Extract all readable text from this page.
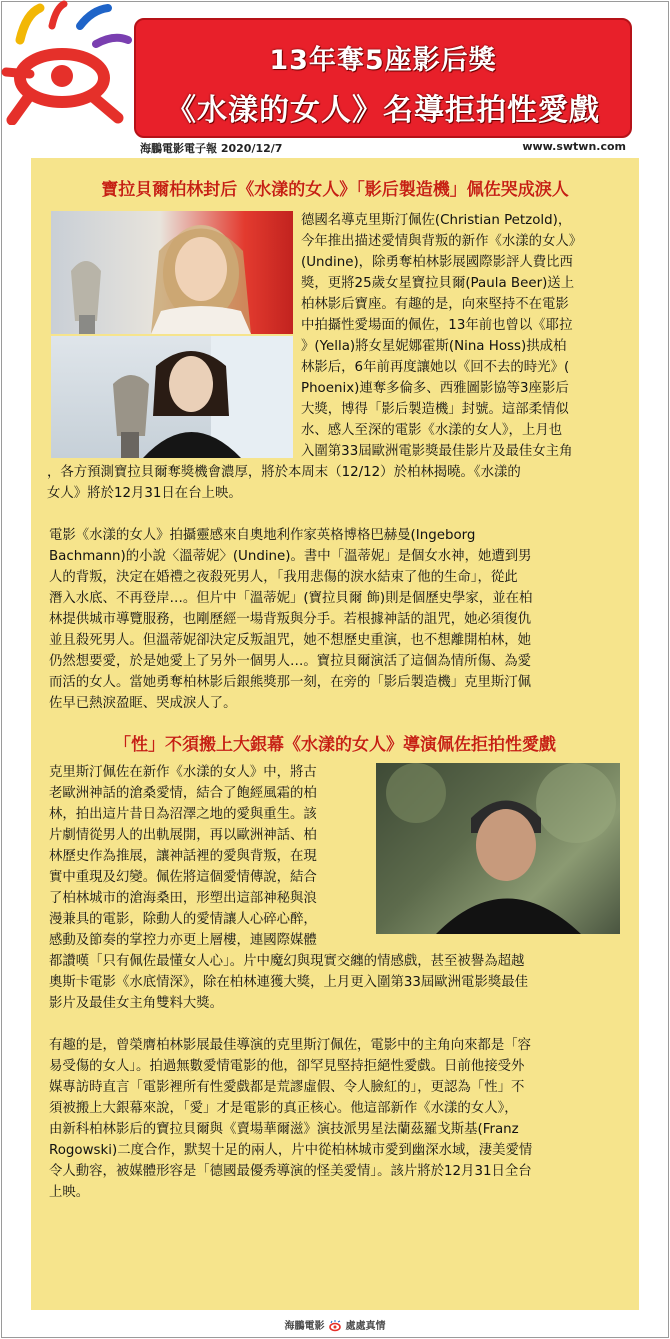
13年奪5座影后獎
《水漾的女人》名導拒拍性愛戲
海鵬電影電子報 2020/12/7	www.swtwn.com
寶拉貝爾柏林封后《水漾的女人》「影后製造機」佩佐哭成淚人
德國名導克里斯汀佩佐(Christian Petzold)，
今年推出描述愛情與背叛的新作《水漾的女人》
(Undine)，除勇奪柏林影展國際影評人費比西
獎，更將25歲女星寶拉貝爾(Paula Beer)送上
柏林影后寶座。有趣的是，向來堅持不在電影
中拍攝性愛場面的佩佐，13年前也曾以《耶拉
》(Yella)將女星妮娜霍斯(Nina Hoss)拱成柏
林影后，6年前再度讓她以《回不去的時光》(
Phoenix)連奪多倫多、西雅圖影協等3座影后
大獎，博得「影后製造機」封號。這部柔情似
水、感人至深的電影《水漾的女人》，上月也
入圍第33屆歐洲電影獎最佳影片及最佳女主角
，各方預測寶拉貝爾奪獎機會濃厚，將於本周末（12/12）於柏林揭曉。《水漾的
女人》將於12月31日在台上映。
電影《水漾的女人》拍攝靈感來自奧地利作家英格博格巴赫曼(Ingeborg
Bachmann)的小說〈溫蒂妮〉(Undine)。書中「溫蒂妮」是個女水神，她遭到男
人的背叛，決定在婚禮之夜殺死男人，「我用悲傷的淚水結束了他的生命」，從此
潛入水底、不再登岸…。但片中「溫蒂妮」(寶拉貝爾 飾)則是個歷史學家，並在柏
林提供城市導覽服務，也剛歷經一場背叛與分手。若根據神話的詛咒，她必須復仇
並且殺死男人。但溫蒂妮卻決定反叛詛咒，她不想歷史重演，也不想離開柏林，她
仍然想要愛，於是她愛上了另外一個男人…。寶拉貝爾演活了這個為情所傷、為愛
而活的女人。當她勇奪柏林影后銀熊獎那一刻，在旁的「影后製造機」克里斯汀佩
佐早已熱淚盈眶、哭成淚人了。
「性」不須搬上大銀幕《水漾的女人》導演佩佐拒拍性愛戲
克里斯汀佩佐在新作《水漾的女人》中，將古
老歐洲神話的滄桑愛情，結合了飽經風霜的柏
林，拍出這片昔日為沼澤之地的愛與重生。該
片劇情從男人的出軌展開，再以歐洲神話、柏
林歷史作為推展，讓神話裡的愛與背叛，在現
實中重現及幻變。佩佐將這個愛情傳說，結合
了柏林城市的滄海桑田，形塑出這部神秘與浪
漫兼具的電影，除動人的愛情讓人心碎心醉，
感動及節奏的掌控力亦更上層樓，連國際媒體
都讚嘆「只有佩佐最懂女人心」。片中魔幻與現實交纏的情感戲，甚至被譽為超越
奧斯卡電影《水底情深》，除在柏林連獲大獎，上月更入圍第33屆歐洲電影獎最佳
影片及最佳女主角雙料大獎。
有趣的是，曾榮膺柏林影展最佳導演的克里斯汀佩佐，電影中的主角向來都是「容
易受傷的女人」。拍過無數愛情電影的他，卻罕見堅持拒絕性愛戲。日前他接受外
媒專訪時直言「電影裡所有性愛戲都是荒謬虛假、令人臉紅的」，更認為「性」不
須被搬上大銀幕來說，「愛」才是電影的真正核心。他這部新作《水漾的女人》，
由新科柏林影后的寶拉貝爾與《賣場華爾滋》演技派男星法蘭茲羅戈斯基(Franz
Rogowski)二度合作，默契十足的兩人，片中從柏林城市愛到幽深水域，淒美愛情
令人動容，被媒體形容是「德國最優秀導演的怪美愛情」。該片將於12月31日全台
上映。
海鵬電影 處處真情
